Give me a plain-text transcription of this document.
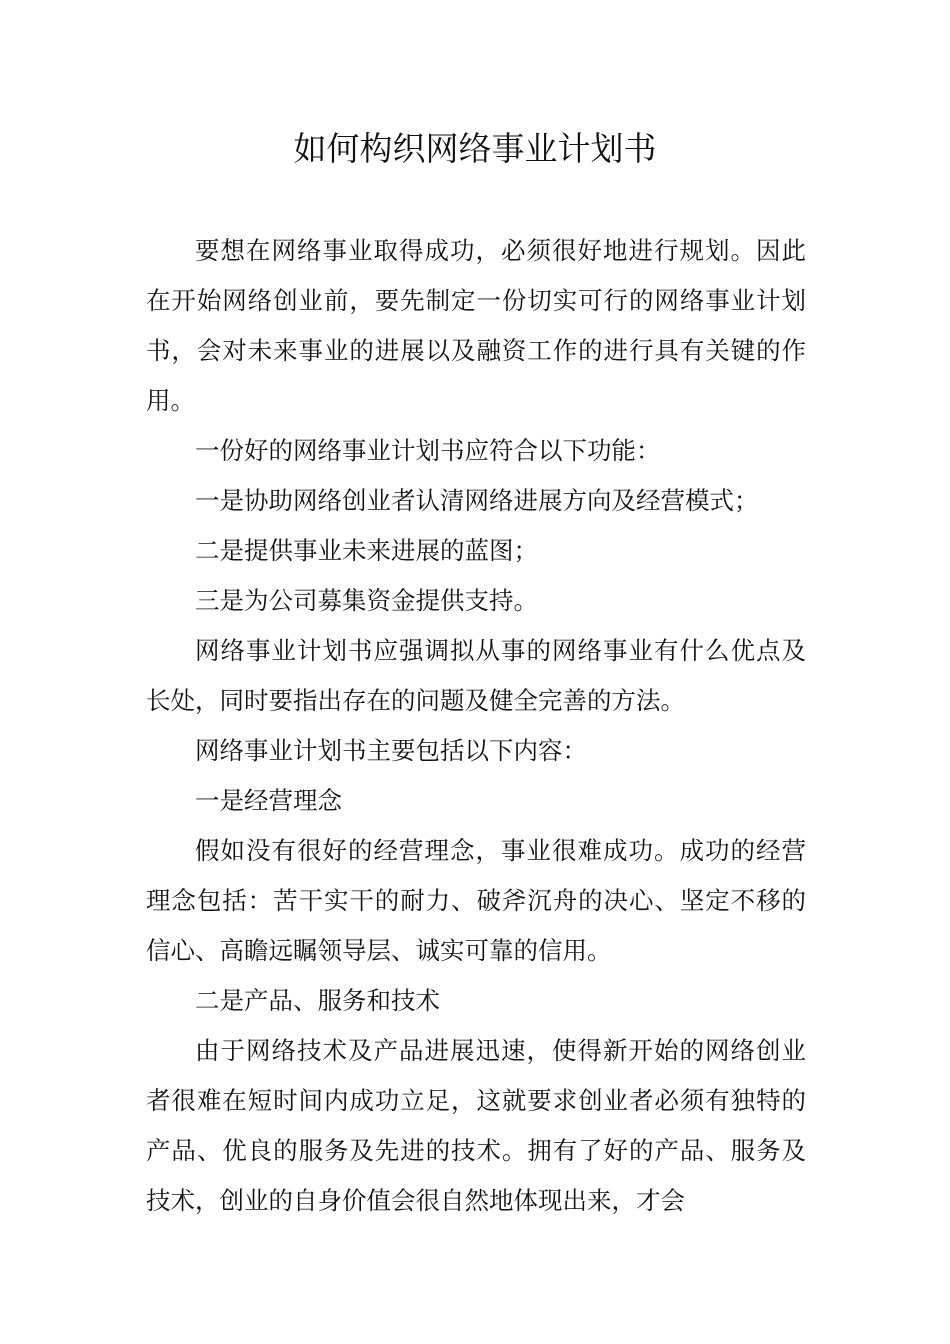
如何构织网络事业计划书

要想在网络事业取得成功，必须很好地进行规划。因此在开始网络创业前，要先制定一份切实可行的网络事业计划书，会对未来事业的进展以及融资工作的进行具有关键的作用。

一份好的网络事业计划书应符合以下功能：

一是协助网络创业者认清网络进展方向及经营模式；

二是提供事业未来进展的蓝图；

三是为公司募集资金提供支持。

网络事业计划书应强调拟从事的网络事业有什么优点及长处，同时要指出存在的问题及健全完善的方法。

网络事业计划书主要包括以下内容：

一是经营理念

假如没有很好的经营理念，事业很难成功。成功的经营理念包括：苦干实干的耐力、破斧沉舟的决心、坚定不移的信心、高瞻远瞩领导层、诚实可靠的信用。

二是产品、服务和技术

由于网络技术及产品进展迅速，使得新开始的网络创业者很难在短时间内成功立足，这就要求创业者必须有独特的产品、优良的服务及先进的技术。拥有了好的产品、服务及技术，创业的自身价值会很自然地体现出来，才会
